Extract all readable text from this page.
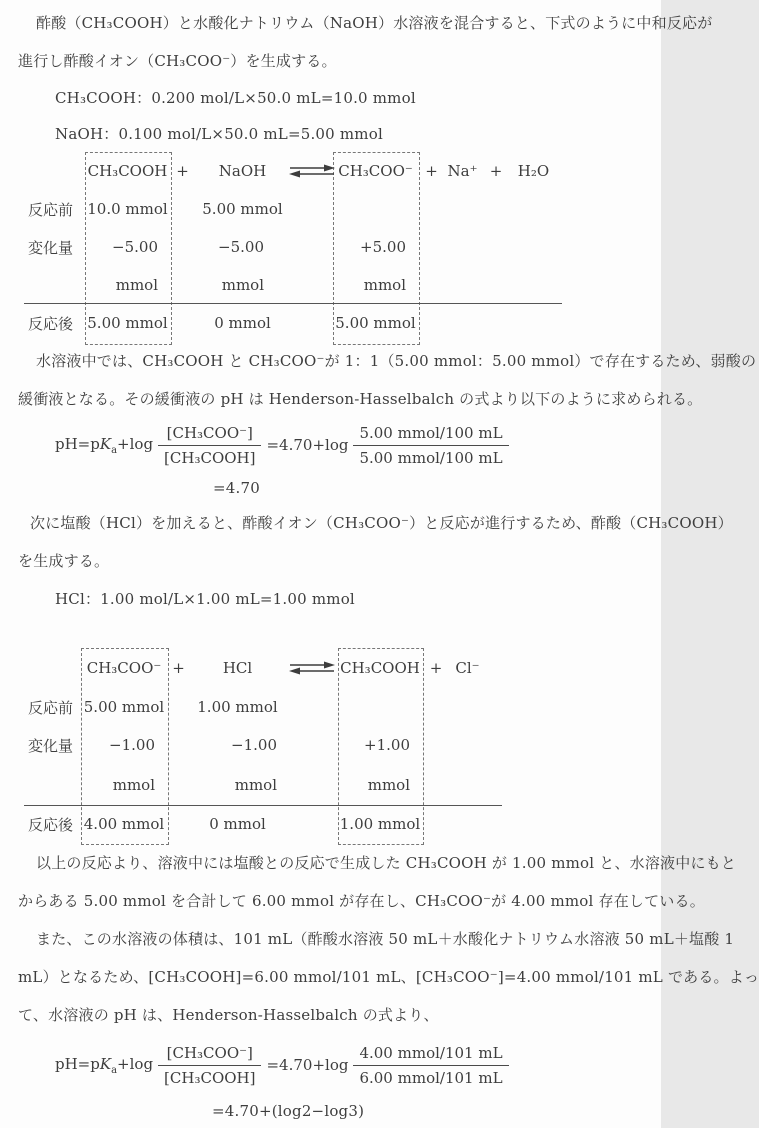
酢酸（CH₃COOH）と水酸化ナトリウム（NaOH）水溶液を混合すると、下式のように中和反応が
進行し酢酸イオン（CH₃COO⁻）を生成する。
CH₃COOH：0.200 mol/L×50.0 mL=10.0 mmol
NaOH：0.100 mol/L×50.0 mL=5.00 mmol
CH₃COOH +	NaOH	⇌ CH₃COO⁻ + Na⁺ +	H₂O
反応前 10.0 mmol	5.00 mmol
変化量	−5.00	−5.00	+5.00
mmol	mmol	mmol
反応後 5.00 mmol	0 mmol	5.00 mmol
水溶液中では、CH₃COOH と CH₃COO⁻が 1：1（5.00 mmol：5.00 mmol）で存在するため、弱酸の
緩衝液となる。その緩衝液の pH は Henderson-Hasselbalch の式より以下のように求められる。
$pH=pK_a+\log \frac{\text{[CH₃COO⁻]}}{\text{[CH₃COOH]}} =4.70+\log \frac{\text{5.00 mmol/100 mL}}{\text{5.00 mmol/100 mL}}$
=4.70
次に塩酸（HCl）を加えると、酢酸イオン（CH₃COO⁻）と反応が進行するため、酢酸（CH₃COOH）
を生成する。
HCl：1.00 mol/L×1.00 mL=1.00 mmol
CH₃COO⁻ +	HCl	⇌ CH₃COOH + Cl⁻
反応前 5.00 mmol	1.00 mmol
変化量	−1.00	−1.00	+1.00
mmol	mmol	mmol
反応後 4.00 mmol	0 mmol	1.00 mmol
以上の反応より、溶液中には塩酸との反応で生成した CH₃COOH が 1.00 mmol と、水溶液中にもと
からある 5.00 mmol を合計して 6.00 mmol が存在し、CH₃COO⁻が 4.00 mmol 存在している。
また、この水溶液の体積は、101 mL（酢酸水溶液 50 mL＋水酸化ナトリウム水溶液 50 mL＋塩酸 1
mL）となるため、[CH₃COOH]=6.00 mmol/101 mL、[CH₃COO⁻]=4.00 mmol/101 mL である。よっ
て、水溶液の pH は、Henderson-Hasselbalch の式より、
$pH=pK_a+\log \frac{\text{[CH₃COO⁻]}}{\text{[CH₃COOH]}} =4.70+\log \frac{\text{4.00 mmol/101 mL}}{\text{6.00 mmol/101 mL}}$
=4.70+(log2−log3)
